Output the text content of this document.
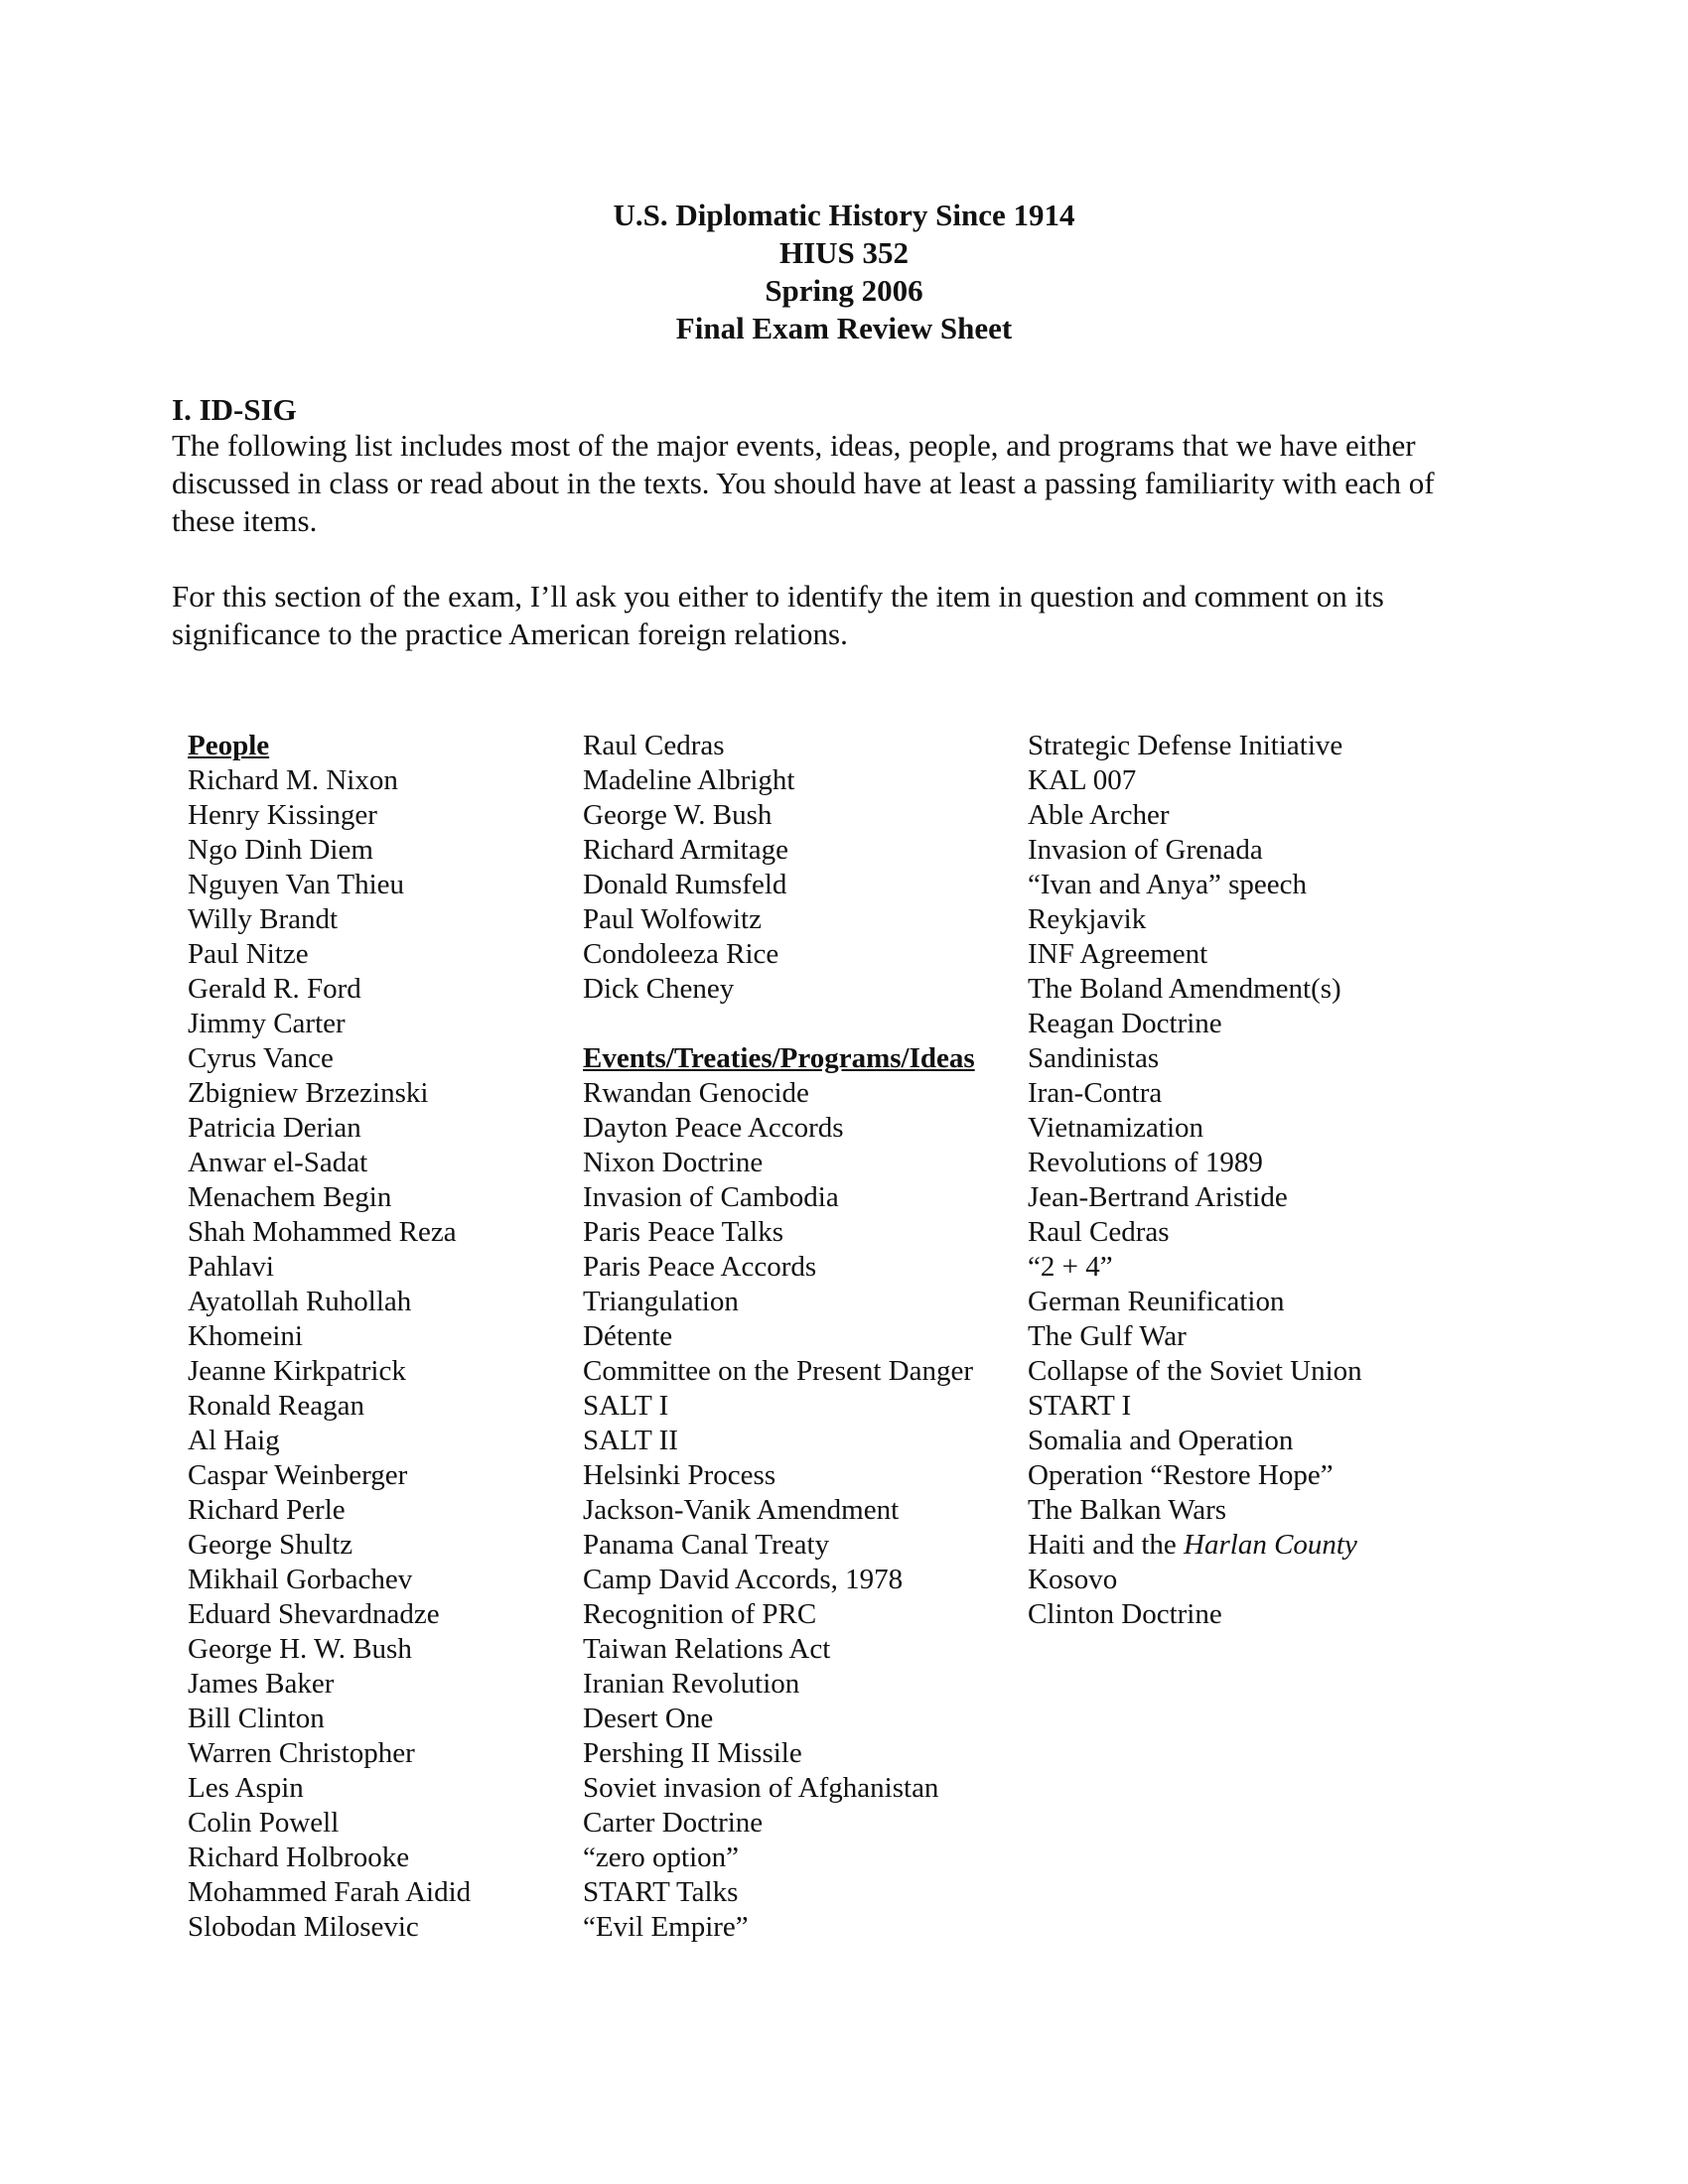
U.S. Diplomatic History Since 1914
HIUS 352
Spring 2006
Final Exam Review Sheet
I. ID-SIG

The following list includes most of the major events, ideas, people, and programs that we have either discussed in class or read about in the texts. You should have at least a passing familiarity with each of these items.

For this section of the exam, I’ll ask you either to identify the item in question and comment on its significance to the practice American foreign relations.

People
Richard M. Nixon
Henry Kissinger
Ngo Dinh Diem
Nguyen Van Thieu
Willy Brandt
Paul Nitze
Gerald R. Ford
Jimmy Carter
Cyrus Vance
Zbigniew Brzezinski
Patricia Derian
Anwar el-Sadat
Menachem Begin
Shah Mohammed Reza
Pahlavi
Ayatollah Ruhollah
Khomeini
Jeanne Kirkpatrick
Ronald Reagan
Al Haig
Caspar Weinberger
Richard Perle
George Shultz
Mikhail Gorbachev
Eduard Shevardnadze
George H. W. Bush
James Baker
Bill Clinton
Warren Christopher
Les Aspin
Colin Powell
Richard Holbrooke
Mohammed Farah Aidid
Slobodan Milosevic
Raul Cedras
Madeline Albright
George W. Bush
Richard Armitage
Donald Rumsfeld
Paul Wolfowitz
Condoleeza Rice
Dick Cheney
Events/Treaties/Programs/Ideas
Rwandan Genocide
Dayton Peace Accords
Nixon Doctrine
Invasion of Cambodia
Paris Peace Talks
Paris Peace Accords
Triangulation
Détente
Committee on the Present Danger
SALT I
SALT II
Helsinki Process
Jackson-Vanik Amendment
Panama Canal Treaty
Camp David Accords, 1978
Recognition of PRC
Taiwan Relations Act
Iranian Revolution
Desert One
Pershing II Missile
Soviet invasion of Afghanistan
Carter Doctrine
“zero option”
START Talks
“Evil Empire”
Strategic Defense Initiative
KAL 007
Able Archer
Invasion of Grenada
“Ivan and Anya” speech
Reykjavik
INF Agreement
The Boland Amendment(s)
Reagan Doctrine
Sandinistas
Iran-Contra
Vietnamization
Revolutions of 1989
Jean-Bertrand Aristide
Raul Cedras
“2 + 4”
German Reunification
The Gulf War
Collapse of the Soviet Union
START I
Somalia and Operation
Operation “Restore Hope”
The Balkan Wars
Haiti and the Harlan County
Kosovo
Clinton Doctrine
